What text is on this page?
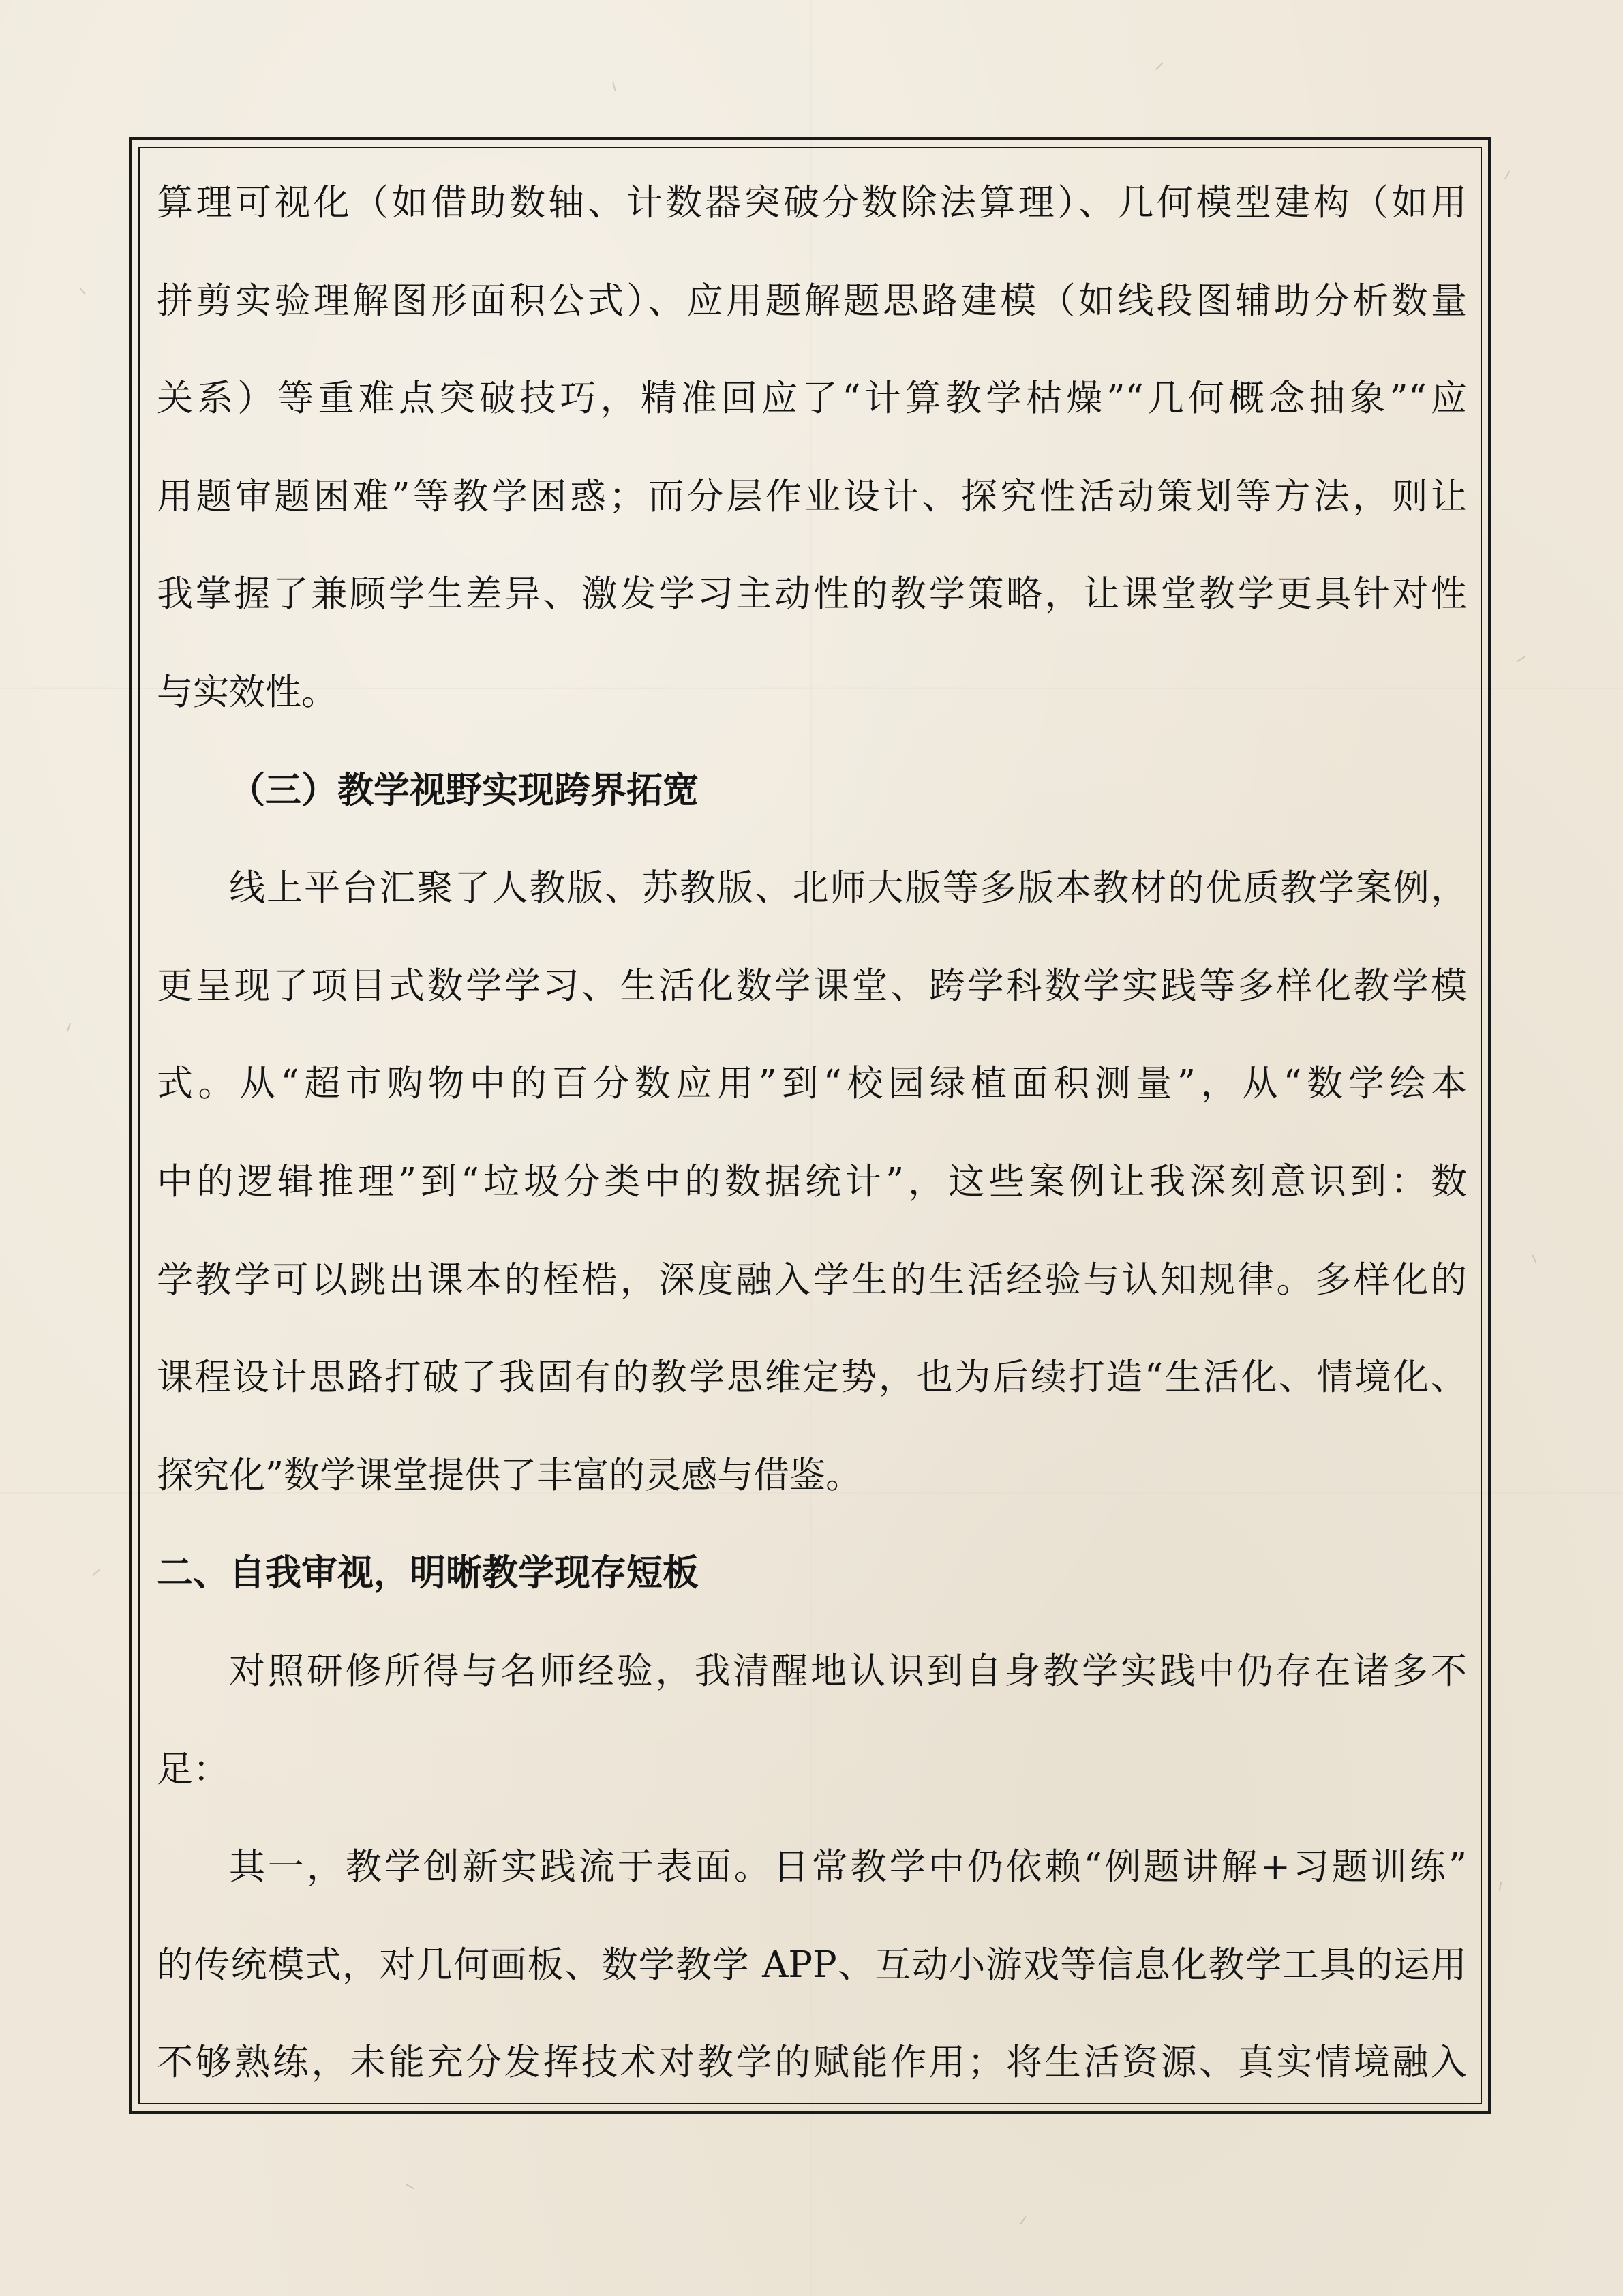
算理可视化（如借助数轴、计数器突破分数除法算理）、几何模型建构（如用
拼剪实验理解图形面积公式）、应用题解题思路建模（如线段图辅助分析数量
关系）等重难点突破技巧，精准回应了“计算教学枯燥”“几何概念抽象”“应
用题审题困难”等教学困惑；而分层作业设计、探究性活动策划等方法，则让
我掌握了兼顾学生差异、激发学习主动性的教学策略，让课堂教学更具针对性
与实效性。
（三）教学视野实现跨界拓宽
线上平台汇聚了人教版、苏教版、北师大版等多版本教材的优质教学案例，
更呈现了项目式数学学习、生活化数学课堂、跨学科数学实践等多样化教学模
式。从“超市购物中的百分数应用”到“校园绿植面积测量”，从“数学绘本
中的逻辑推理”到“垃圾分类中的数据统计”，这些案例让我深刻意识到：数
学教学可以跳出课本的桎梏，深度融入学生的生活经验与认知规律。多样化的
课程设计思路打破了我固有的教学思维定势，也为后续打造“生活化、情境化、
探究化”数学课堂提供了丰富的灵感与借鉴。
二、自我审视，明晰教学现存短板
对照研修所得与名师经验，我清醒地认识到自身教学实践中仍存在诸多不
足：
其一，教学创新实践流于表面。日常教学中仍依赖“例题讲解+习题训练”
的传统模式，对几何画板、数学教学 APP、互动小游戏等信息化教学工具的运用
不够熟练，未能充分发挥技术对教学的赋能作用；将生活资源、真实情境融入
